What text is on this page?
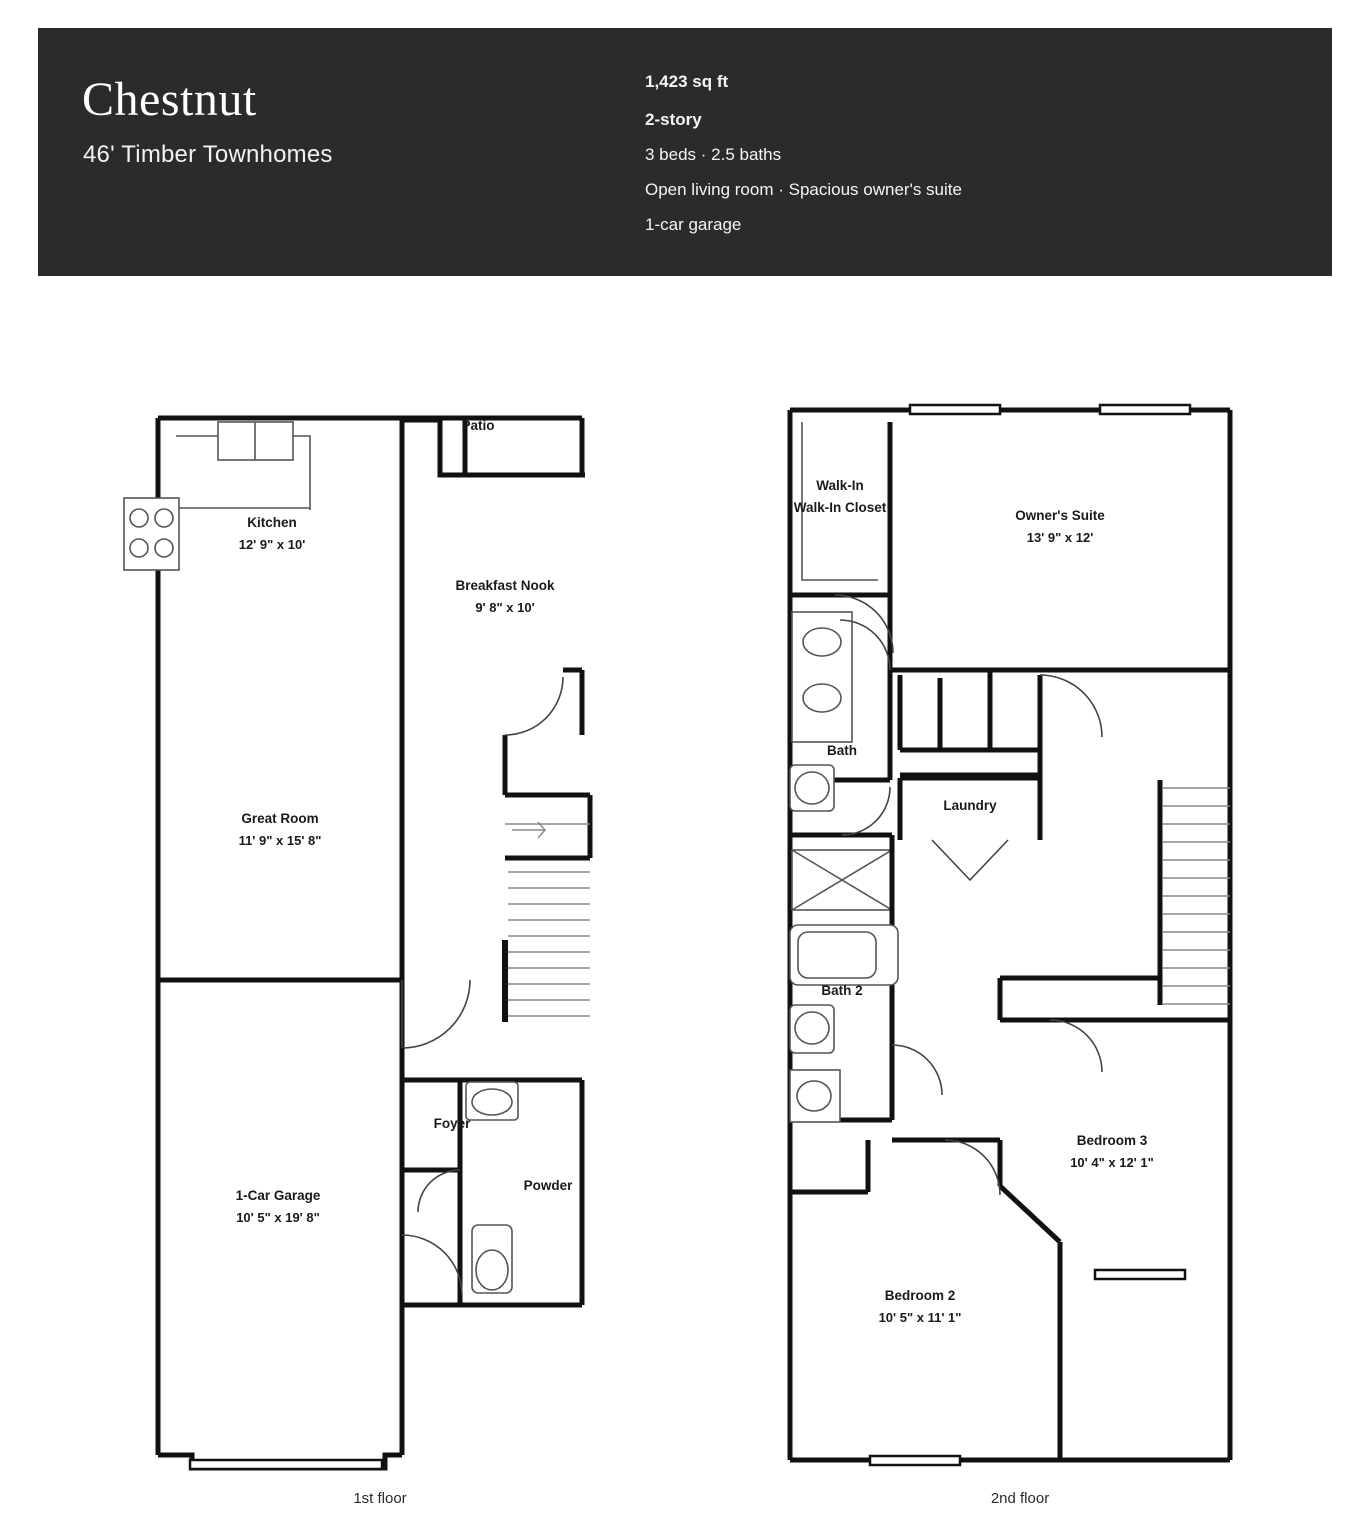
Chestnut
46' Timber Townhomes
1,423 sq ft
2-story
3 beds · 2.5 baths
Open living room · Spacious owner's suite
1-car garage
Patio
Kitchen
12' 9" x 10'
Breakfast Nook
9' 8" x 10'
Great Room
11' 9" x 15' 8"
Foyer
Powder
1-Car Garage
10' 5" x 19' 8"
1st floor
Walk-In
Walk-In Closet
Owner's Suite
13' 9" x 12'
Bath
Laundry
Bath 2
Bedroom 3
10' 4" x 12' 1"
Bedroom 2
10' 5" x 11' 1"
2nd floor
